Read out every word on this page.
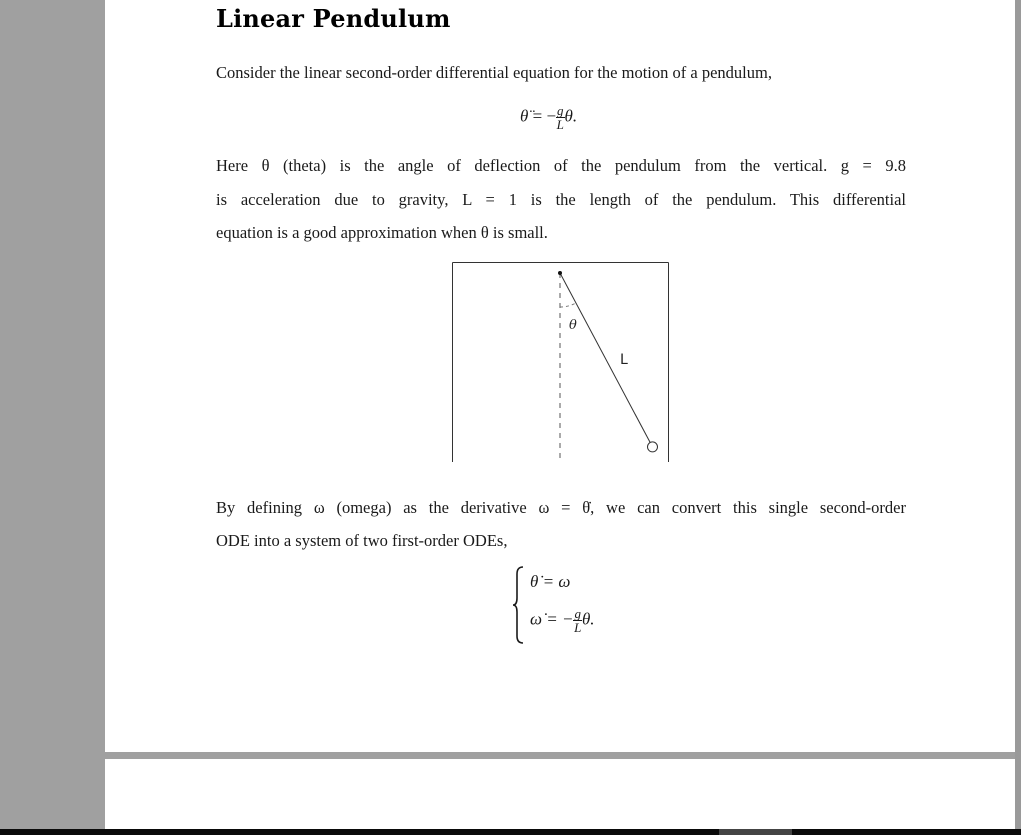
Linear Pendulum

Consider the linear second-order differential equation for the motion of a pendulum,

θ̈ = − $\frac{g}{L} \theta$.

Here θ (theta) is the angle of deflection of the pendulum from the vertical. g = 9.8

is acceleration due to gravity, L = 1 is the length of the pendulum. This differential

equation is a good approximation when θ is small.

θ
L

By defining ω (omega) as the derivative ω = θ̇, we can convert this single second-order

ODE into a system of two first-order ODEs,

θ̇ = ω
ω̇ = − $\frac{g}{L} \theta$.
